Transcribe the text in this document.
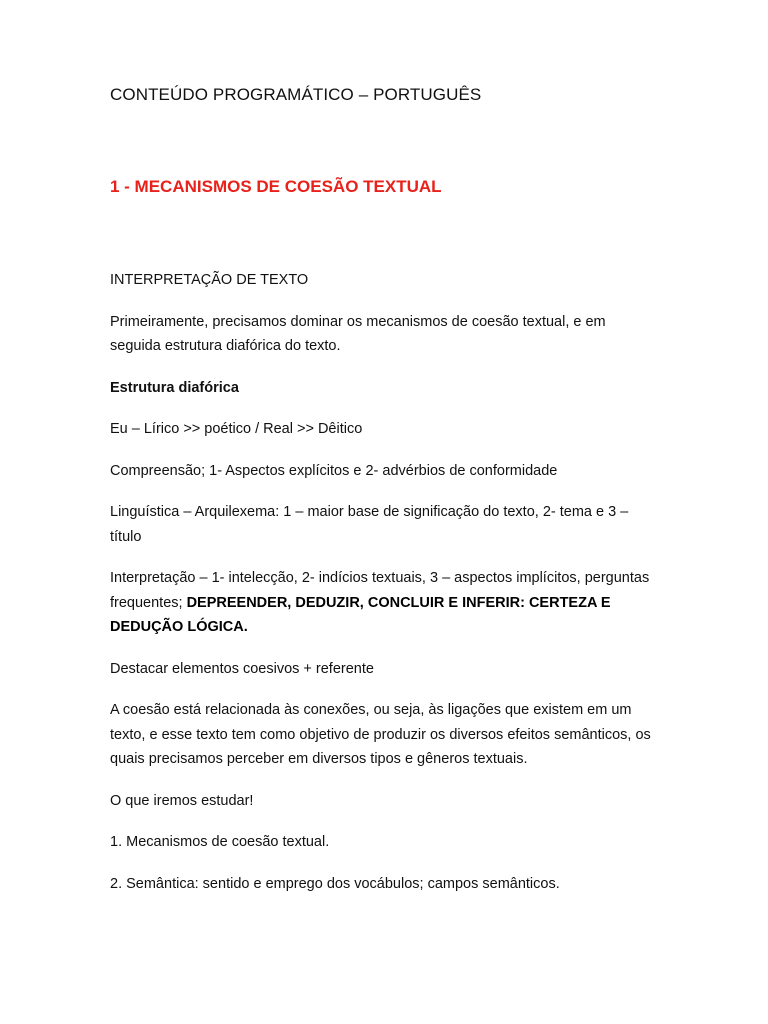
CONTEÚDO PROGRAMÁTICO – PORTUGUÊS
1 - MECANISMOS DE COESÃO TEXTUAL

INTERPRETAÇÃO DE TEXTO

Primeiramente, precisamos dominar os mecanismos de coesão textual, e em seguida estrutura diafórica do texto.

Estrutura diafórica

Eu – Lírico >> poético / Real >> Dêitico

Compreensão; 1- Aspectos explícitos e 2- advérbios de conformidade

Linguística – Arquilexema: 1 – maior base de significação do texto, 2- tema e 3 – título

Interpretação – 1- intelecção, 2- indícios textuais, 3 – aspectos implícitos, perguntas frequentes; DEPREENDER, DEDUZIR, CONCLUIR E INFERIR: CERTEZA E DEDUÇÃO LÓGICA.

Destacar elementos coesivos + referente

A coesão está relacionada às conexões, ou seja, às ligações que existem em um texto, e esse texto tem como objetivo de produzir os diversos efeitos semânticos, os quais precisamos perceber em diversos tipos e gêneros textuais.

O que iremos estudar!

1. Mecanismos de coesão textual.

2. Semântica: sentido e emprego dos vocábulos; campos semânticos.
